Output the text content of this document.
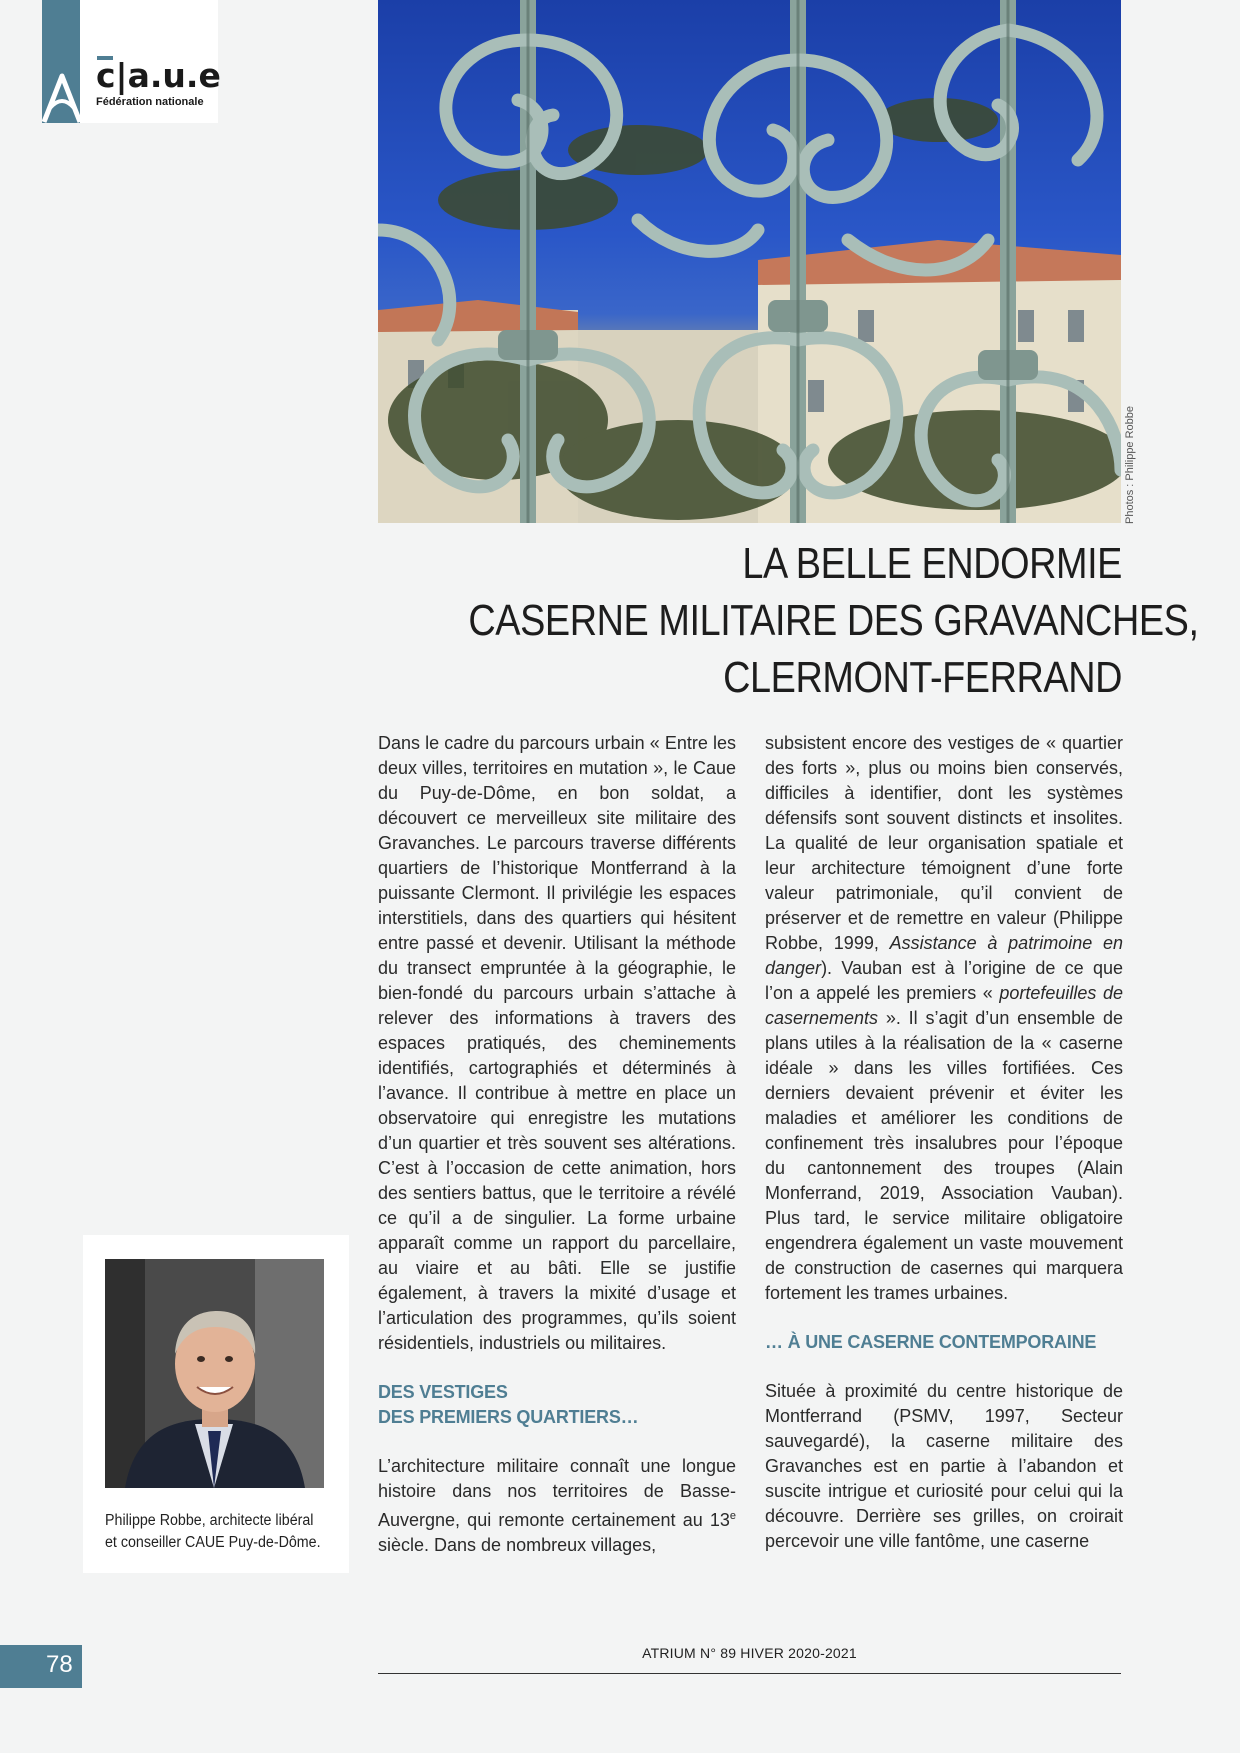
c|a.u.e
Fédération nationale
Photos : Philippe Robbe
LA BELLE ENDORMIE
CASERNE MILITAIRE DES GRAVANCHES,
CLERMONT-FERRAND

Dans le cadre du parcours urbain « Entre les deux villes, territoires en mutation », le Caue du Puy-de-Dôme, en bon soldat, a découvert ce merveilleux site militaire des Gravanches. Le parcours traverse différents quartiers de l’historique Montferrand à la puissante Clermont. Il privilégie les espaces interstitiels, dans des quartiers qui hésitent entre passé et devenir. Utilisant la méthode du transect empruntée à la géographie, le bien-fondé du parcours urbain s’attache à relever des informations à travers des espaces pratiqués, des cheminements identifiés, cartographiés et déterminés à l’avance. Il contribue à mettre en place un observatoire qui enregistre les mutations d’un quartier et très souvent ses altérations. C’est à l’occasion de cette animation, hors des sentiers battus, que le territoire a révélé ce qu’il a de singulier. La forme urbaine apparaît comme un rapport du parcellaire, au viaire et au bâti. Elle se justifie également, à travers la mixité d’usage et l’articulation des programmes, qu’ils soient résidentiels, industriels ou militaires.

DES VESTIGES
DES PREMIERS QUARTIERS…

L’architecture militaire connaît une longue histoire dans nos territoires de Basse-Auvergne, qui remonte certainement au 13e siècle. Dans de nombreux villages,

subsistent encore des vestiges de « quartier des forts », plus ou moins bien conservés, difficiles à identifier, dont les systèmes défensifs sont souvent distincts et insolites. La qualité de leur organisation spatiale et leur architecture témoignent d’une forte valeur patrimoniale, qu’il convient de préserver et de remettre en valeur (Philippe Robbe, 1999, Assistance à patrimoine en danger). Vauban est à l’origine de ce que l’on a appelé les premiers « portefeuilles de casernements ». Il s’agit d’un ensemble de plans utiles à la réalisation de la « caserne idéale » dans les villes fortifiées. Ces derniers devaient prévenir et éviter les maladies et améliorer les conditions de confinement très insalubres pour l’époque du cantonnement des troupes (Alain Monferrand, 2019, Association Vauban). Plus tard, le service militaire obligatoire engendrera également un vaste mouvement de construction de casernes qui marquera fortement les trames urbaines.

… À UNE CASERNE CONTEMPORAINE

Située à proximité du centre historique de Montferrand (PSMV, 1997, Secteur sauvegardé), la caserne militaire des Gravanches est en partie à l’abandon et suscite intrigue et curiosité pour celui qui la découvre. Derrière ses grilles, on croirait percevoir une ville fantôme, une caserne

Philippe Robbe, architecte libéral
et conseiller CAUE Puy-de-Dôme.
78	ATRIUM N° 89 HIVER 2020-2021
